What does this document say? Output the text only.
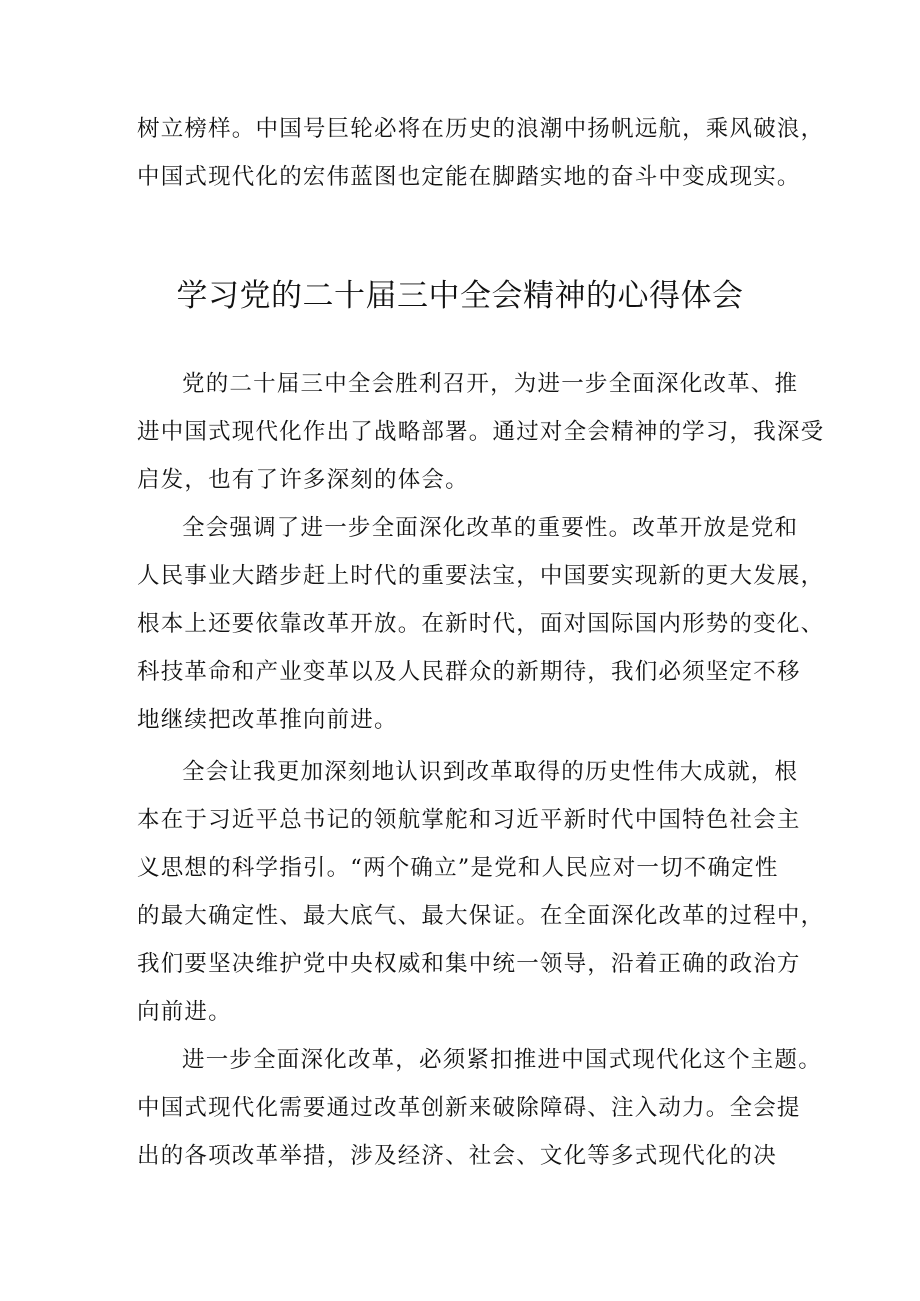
树立榜样。中国号巨轮必将在历史的浪潮中扬帆远航，乘风破浪，

中国式现代化的宏伟蓝图也定能在脚踏实地的奋斗中变成现实。

学习党的二十届三中全会精神的心得体会

党的二十届三中全会胜利召开，为进一步全面深化改革、推

进中国式现代化作出了战略部署。通过对全会精神的学习，我深受

启发，也有了许多深刻的体会。

全会强调了进一步全面深化改革的重要性。改革开放是党和

人民事业大踏步赶上时代的重要法宝，中国要实现新的更大发展，

根本上还要依靠改革开放。在新时代，面对国际国内形势的变化、

科技革命和产业变革以及人民群众的新期待，我们必须坚定不移

地继续把改革推向前进。

全会让我更加深刻地认识到改革取得的历史性伟大成就，根

本在于习近平总书记的领航掌舵和习近平新时代中国特色社会主

义思想的科学指引。“两个确立”是党和人民应对一切不确定性

的最大确定性、最大底气、最大保证。在全面深化改革的过程中，

我们要坚决维护党中央权威和集中统一领导，沿着正确的政治方

向前进。

进一步全面深化改革，必须紧扣推进中国式现代化这个主题。

中国式现代化需要通过改革创新来破除障碍、注入动力。全会提

出的各项改革举措，涉及经济、社会、文化等多式现代化的决
